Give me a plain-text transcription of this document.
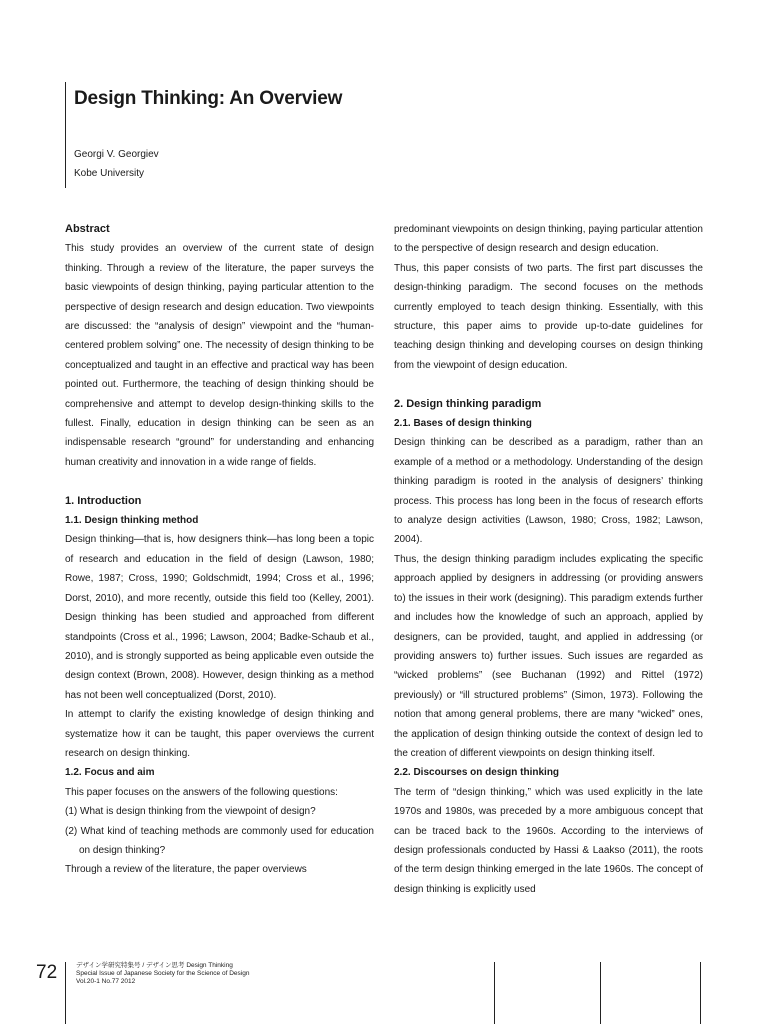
Design Thinking: An Overview
Georgi V. Georgiev
Kobe University
Abstract

This study provides an overview of the current state of design thinking. Through a review of the literature, the paper surveys the basic viewpoints of design thinking, paying particular attention to the perspective of design research and design education. Two viewpoints are discussed: the “analysis of design” viewpoint and the “human-centered problem solving” one. The necessity of design thinking to be conceptualized and taught in an effective and practical way has been pointed out. Furthermore, the teaching of design thinking should be comprehensive and attempt to develop design-thinking skills to the fullest. Finally, education in design thinking can be seen as an indispensable research “ground” for understanding and enhancing human creativity and innovation in a wide range of fields.

1. Introduction
1.1. Design thinking method

Design thinking—that is, how designers think—has long been a topic of research and education in the field of design (Lawson, 1980; Rowe, 1987; Cross, 1990; Goldschmidt, 1994; Cross et al., 1996; Dorst, 2010), and more recently, outside this field too (Kelley, 2001). Design thinking has been studied and approached from different standpoints (Cross et al., 1996; Lawson, 2004; Badke-Schaub et al., 2010), and is strongly supported as being applicable even outside the design context (Brown, 2008). However, design thinking as a method has not been well conceptualized (Dorst, 2010).

In attempt to clarify the existing knowledge of design thinking and systematize how it can be taught, this paper overviews the current research on design thinking.

1.2. Focus and aim

This paper focuses on the answers of the following questions:

(1) What is design thinking from the viewpoint of design?
(2) What kind of teaching methods are commonly used for education on design thinking?

Through a review of the literature, the paper overviews

predominant viewpoints on design thinking, paying particular attention to the perspective of design research and design education.

Thus, this paper consists of two parts. The first part discusses the design-thinking paradigm. The second focuses on the methods currently employed to teach design thinking. Essentially, with this structure, this paper aims to provide up-to-date guidelines for teaching design thinking and developing courses on design thinking from the viewpoint of design education.

2. Design thinking paradigm
2.1. Bases of design thinking

Design thinking can be described as a paradigm, rather than an example of a method or a methodology. Understanding of the design thinking paradigm is rooted in the analysis of designers’ thinking process. This process has long been in the focus of research efforts to analyze design activities (Lawson, 1980; Cross, 1982; Lawson, 2004).

Thus, the design thinking paradigm includes explicating the specific approach applied by designers in addressing (or providing answers to) the issues in their work (designing). This paradigm extends further and includes how the knowledge of such an approach, applied by designers, can be provided, taught, and applied in addressing (or providing answers to) further issues. Such issues are regarded as “wicked problems” (see Buchanan (1992) and Rittel (1972) previously) or “ill structured problems” (Simon, 1973). Following the notion that among general problems, there are many “wicked” ones, the application of design thinking outside the context of design led to the creation of different viewpoints on design thinking itself.

2.2. Discourses on design thinking

The term of “design thinking,” which was used explicitly in the late 1970s and 1980s, was preceded by a more ambiguous concept that can be traced back to the 1960s. According to the interviews of design professionals conducted by Hassi & Laakso (2011), the roots of the term design thinking emerged in the late 1960s. The concept of design thinking is explicitly used

72	デザイン学研究特集号 / デザイン思考 Design Thinking
Special Issue of Japanese Society for the Science of Design
Vol.20-1 No.77 2012
